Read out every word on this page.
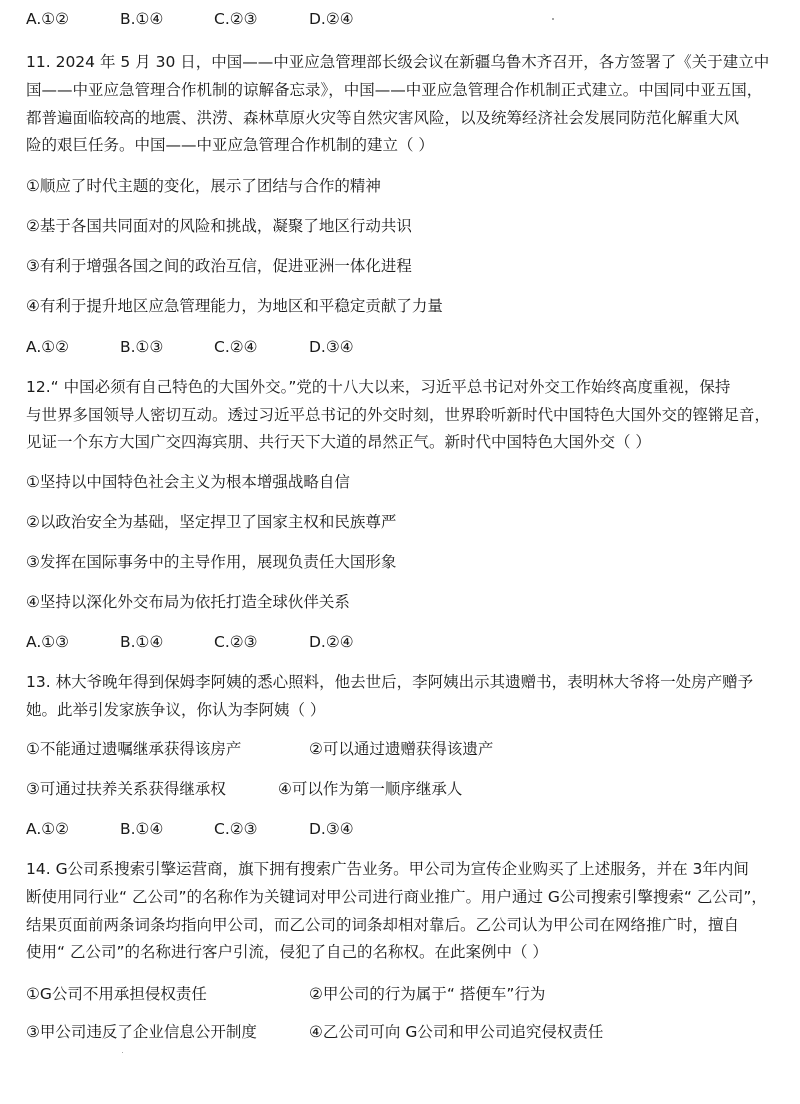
A.①②	B.①④	C.②③	D.②④
11. 2024 年 5 月 30 日，中国——中亚应急管理部长级会议在新疆乌鲁木齐召开，各方签署了《关于建立中
国——中亚应急管理合作机制的谅解备忘录》，中国——中亚应急管理合作机制正式建立。中国同中亚五国，
都普遍面临较高的地震、洪涝、森林草原火灾等自然灾害风险，以及统筹经济社会发展同防范化解重大风
险的艰巨任务。中国——中亚应急管理合作机制的建立（ ）
①顺应了时代主题的变化，展示了团结与合作的精神
②基于各国共同面对的风险和挑战，凝聚了地区行动共识
③有利于增强各国之间的政治互信，促进亚洲一体化进程
④有利于提升地区应急管理能力，为地区和平稳定贡献了力量
A.①②	B.①③	C.②④	D.③④
12.“ 中国必须有自己特色的大国外交。”党的十八大以来，习近平总书记对外交工作始终高度重视，保持
与世界多国领导人密切互动。透过习近平总书记的外交时刻，世界聆听新时代中国特色大国外交的铿锵足音，
见证一个东方大国广交四海宾朋、共行天下大道的昂然正气。新时代中国特色大国外交（ ）
①坚持以中国特色社会主义为根本增强战略自信
②以政治安全为基础，坚定捍卫了国家主权和民族尊严
③发挥在国际事务中的主导作用，展现负责任大国形象
④坚持以深化外交布局为依托打造全球伙伴关系
A.①③	B.①④	C.②③	D.②④
13. 林大爷晚年得到保姆李阿姨的悉心照料，他去世后，李阿姨出示其遗赠书，表明林大爷将一处房产赠予
她。此举引发家族争议，你认为李阿姨（ ）
①不能通过遗嘱继承获得该房产	②可以通过遗赠获得该遗产
③可通过扶养关系获得继承权	④可以作为第一顺序继承人
A.①②	B.①④	C.②③	D.③④
14. G公司系搜索引擎运营商，旗下拥有搜索广告业务。甲公司为宣传企业购买了上述服务，并在 3年内间
断使用同行业“ 乙公司”的名称作为关键词对甲公司进行商业推广。用户通过 G公司搜索引擎搜索“ 乙公司”，
结果页面前两条词条均指向甲公司，而乙公司的词条却相对靠后。乙公司认为甲公司在网络推广时，擅自
使用“ 乙公司”的名称进行客户引流，侵犯了自己的名称权。在此案例中（ ）
①G公司不用承担侵权责任	②甲公司的行为属于“ 搭便车”行为
③甲公司违反了企业信息公开制度	④乙公司可向 G公司和甲公司追究侵权责任
